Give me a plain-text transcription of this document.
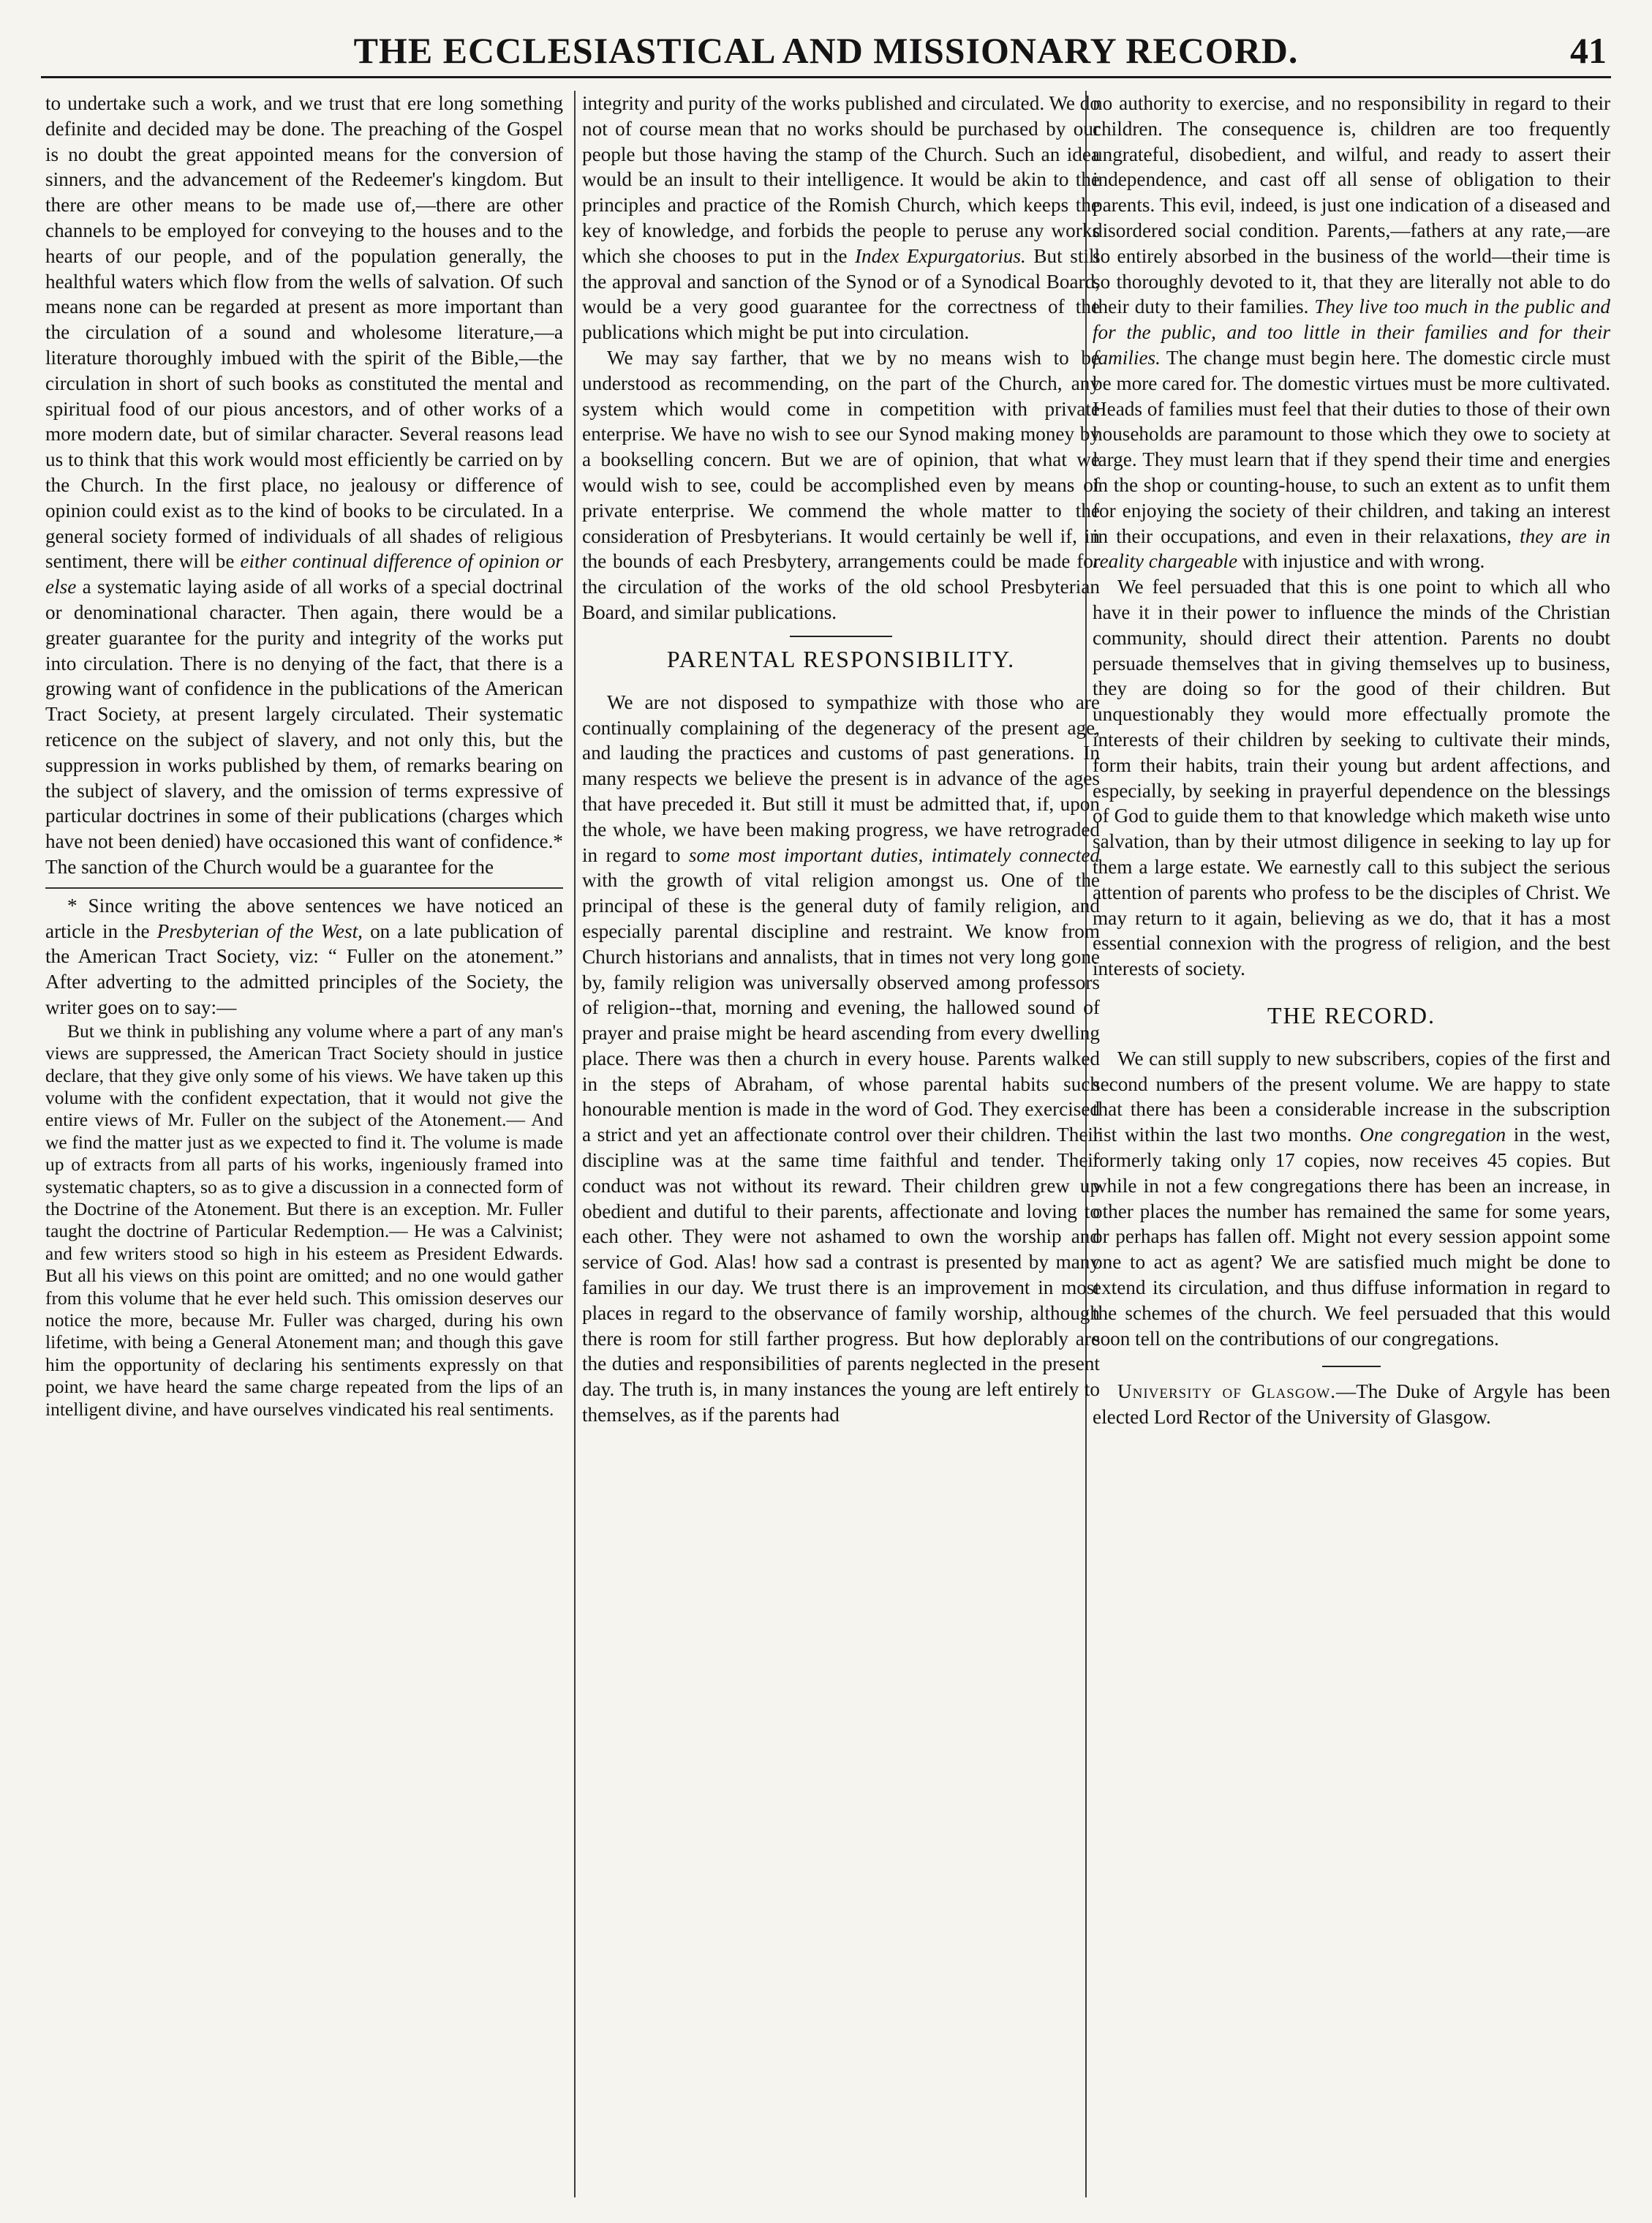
THE ECCLESIASTICAL AND MISSIONARY RECORD.	41

to undertake such a work, and we trust that ere long something definite and decided may be done. The preaching of the Gospel is no doubt the great appointed means for the conversion of sinners, and the advancement of the Redeemer's kingdom. But there are other means to be made use of,—there are other channels to be employed for conveying to the houses and to the hearts of our people, and of the population generally, the healthful waters which flow from the wells of salvation. Of such means none can be regarded at present as more important than the circulation of a sound and wholesome literature,—a literature thoroughly imbued with the spirit of the Bible,—the circulation in short of such books as constituted the mental and spiritual food of our pious ancestors, and of other works of a more modern date, but of similar character. Several reasons lead us to think that this work would most efficiently be carried on by the Church. In the first place, no jealousy or difference of opinion could exist as to the kind of books to be circulated. In a general society formed of individuals of all shades of religious sentiment, there will be either continual difference of opinion or else a systematic laying aside of all works of a special doctrinal or denominational character. Then again, there would be a greater guarantee for the purity and integrity of the works put into circulation. There is no denying of the fact, that there is a growing want of confidence in the publications of the American Tract Society, at present largely circulated. Their systematic reticence on the subject of slavery, and not only this, but the suppression in works published by them, of remarks bearing on the subject of slavery, and the omission of terms expressive of particular doctrines in some of their publications (charges which have not been denied) have occasioned this want of confidence.* The sanction of the Church would be a guarantee for the

* Since writing the above sentences we have noticed an article in the Presbyterian of the West, on a late publication of the American Tract Society, viz: “ Fuller on the atonement.” After adverting to the admitted principles of the Society, the writer goes on to say:—

But we think in publishing any volume where a part of any man's views are suppressed, the American Tract Society should in justice declare, that they give only some of his views. We have taken up this volume with the confident expectation, that it would not give the entire views of Mr. Fuller on the subject of the Atonement.— And we find the matter just as we expected to find it. The volume is made up of extracts from all parts of his works, ingeniously framed into systematic chapters, so as to give a discussion in a connected form of the Doctrine of the Atonement. But there is an exception. Mr. Fuller taught the doctrine of Particular Redemption.— He was a Calvinist; and few writers stood so high in his esteem as President Edwards. But all his views on this point are omitted; and no one would gather from this volume that he ever held such. This omission deserves our notice the more, because Mr. Fuller was charged, during his own lifetime, with being a General Atonement man; and though this gave him the opportunity of declaring his sentiments expressly on that point, we have heard the same charge repeated from the lips of an intelligent divine, and have ourselves vindicated his real sentiments.

integrity and purity of the works published and circulated. We do not of course mean that no works should be purchased by our people but those having the stamp of the Church. Such an idea would be an insult to their intelligence. It would be akin to the principles and practice of the Romish Church, which keeps the key of knowledge, and forbids the people to peruse any works which she chooses to put in the Index Expurgatorius. But still the approval and sanction of the Synod or of a Synodical Board, would be a very good guarantee for the correctness of the publications which might be put into circulation.

We may say farther, that we by no means wish to be understood as recommending, on the part of the Church, any system which would come in competition with private enterprise. We have no wish to see our Synod making money by a bookselling concern. But we are of opinion, that what we would wish to see, could be accomplished even by means of private enterprise. We commend the whole matter to the consideration of Presbyterians. It would certainly be well if, in the bounds of each Presbytery, arrangements could be made for the circulation of the works of the old school Presbyterian Board, and similar publications.

PARENTAL RESPONSIBILITY.

We are not disposed to sympathize with those who are continually complaining of the degeneracy of the present age, and lauding the practices and customs of past generations. In many respects we believe the present is in advance of the ages that have preceded it. But still it must be admitted that, if, upon the whole, we have been making progress, we have retrograded in regard to some most important duties, intimately connected with the growth of vital religion amongst us. One of the principal of these is the general duty of family religion, and especially parental discipline and restraint. We know from Church historians and annalists, that in times not very long gone by, family religion was universally observed among professors of religion--that, morning and evening, the hallowed sound of prayer and praise might be heard ascending from every dwelling place. There was then a church in every house. Parents walked in the steps of Abraham, of whose parental habits such honourable mention is made in the word of God. They exercised a strict and yet an affectionate control over their children. Their discipline was at the same time faithful and tender. Their conduct was not without its reward. Their children grew up obedient and dutiful to their parents, affectionate and loving to each other. They were not ashamed to own the worship and service of God. Alas! how sad a contrast is presented by many families in our day. We trust there is an improvement in most places in regard to the observance of family worship, although there is room for still farther progress. But how deplorably are the duties and responsibilities of parents neglected in the present day. The truth is, in many instances the young are left entirely to themselves, as if the parents had

no authority to exercise, and no responsibility in regard to their children. The consequence is, children are too frequently ungrateful, disobedient, and wilful, and ready to assert their independence, and cast off all sense of obligation to their parents. This evil, indeed, is just one indication of a diseased and disordered social condition. Parents,—fathers at any rate,—are so entirely absorbed in the business of the world—their time is so thoroughly devoted to it, that they are literally not able to do their duty to their families. They live too much in the public and for the public, and too little in their families and for their families. The change must begin here. The domestic circle must be more cared for. The domestic virtues must be more cultivated. Heads of families must feel that their duties to those of their own households are paramount to those which they owe to society at large. They must learn that if they spend their time and energies in the shop or counting-house, to such an extent as to unfit them for enjoying the society of their children, and taking an interest in their occupations, and even in their relaxations, they are in reality chargeable with injustice and with wrong.

We feel persuaded that this is one point to which all who have it in their power to influence the minds of the Christian community, should direct their attention. Parents no doubt persuade themselves that in giving themselves up to business, they are doing so for the good of their children. But unquestionably they would more effectually promote the interests of their children by seeking to cultivate their minds, form their habits, train their young but ardent affections, and especially, by seeking in prayerful dependence on the blessings of God to guide them to that knowledge which maketh wise unto salvation, than by their utmost diligence in seeking to lay up for them a large estate. We earnestly call to this subject the serious attention of parents who profess to be the disciples of Christ. We may return to it again, believing as we do, that it has a most essential connexion with the progress of religion, and the best interests of society.

THE RECORD.

We can still supply to new subscribers, copies of the first and second numbers of the present volume. We are happy to state that there has been a considerable increase in the subscription list within the last two months. One congregation in the west, formerly taking only 17 copies, now receives 45 copies. But while in not a few congregations there has been an increase, in other places the number has remained the same for some years, or perhaps has fallen off. Might not every session appoint some one to act as agent? We are satisfied much might be done to extend its circulation, and thus diffuse information in regard to the schemes of the church. We feel persuaded that this would soon tell on the contributions of our congregations.

University of Glasgow.—The Duke of Argyle has been elected Lord Rector of the University of Glasgow.
